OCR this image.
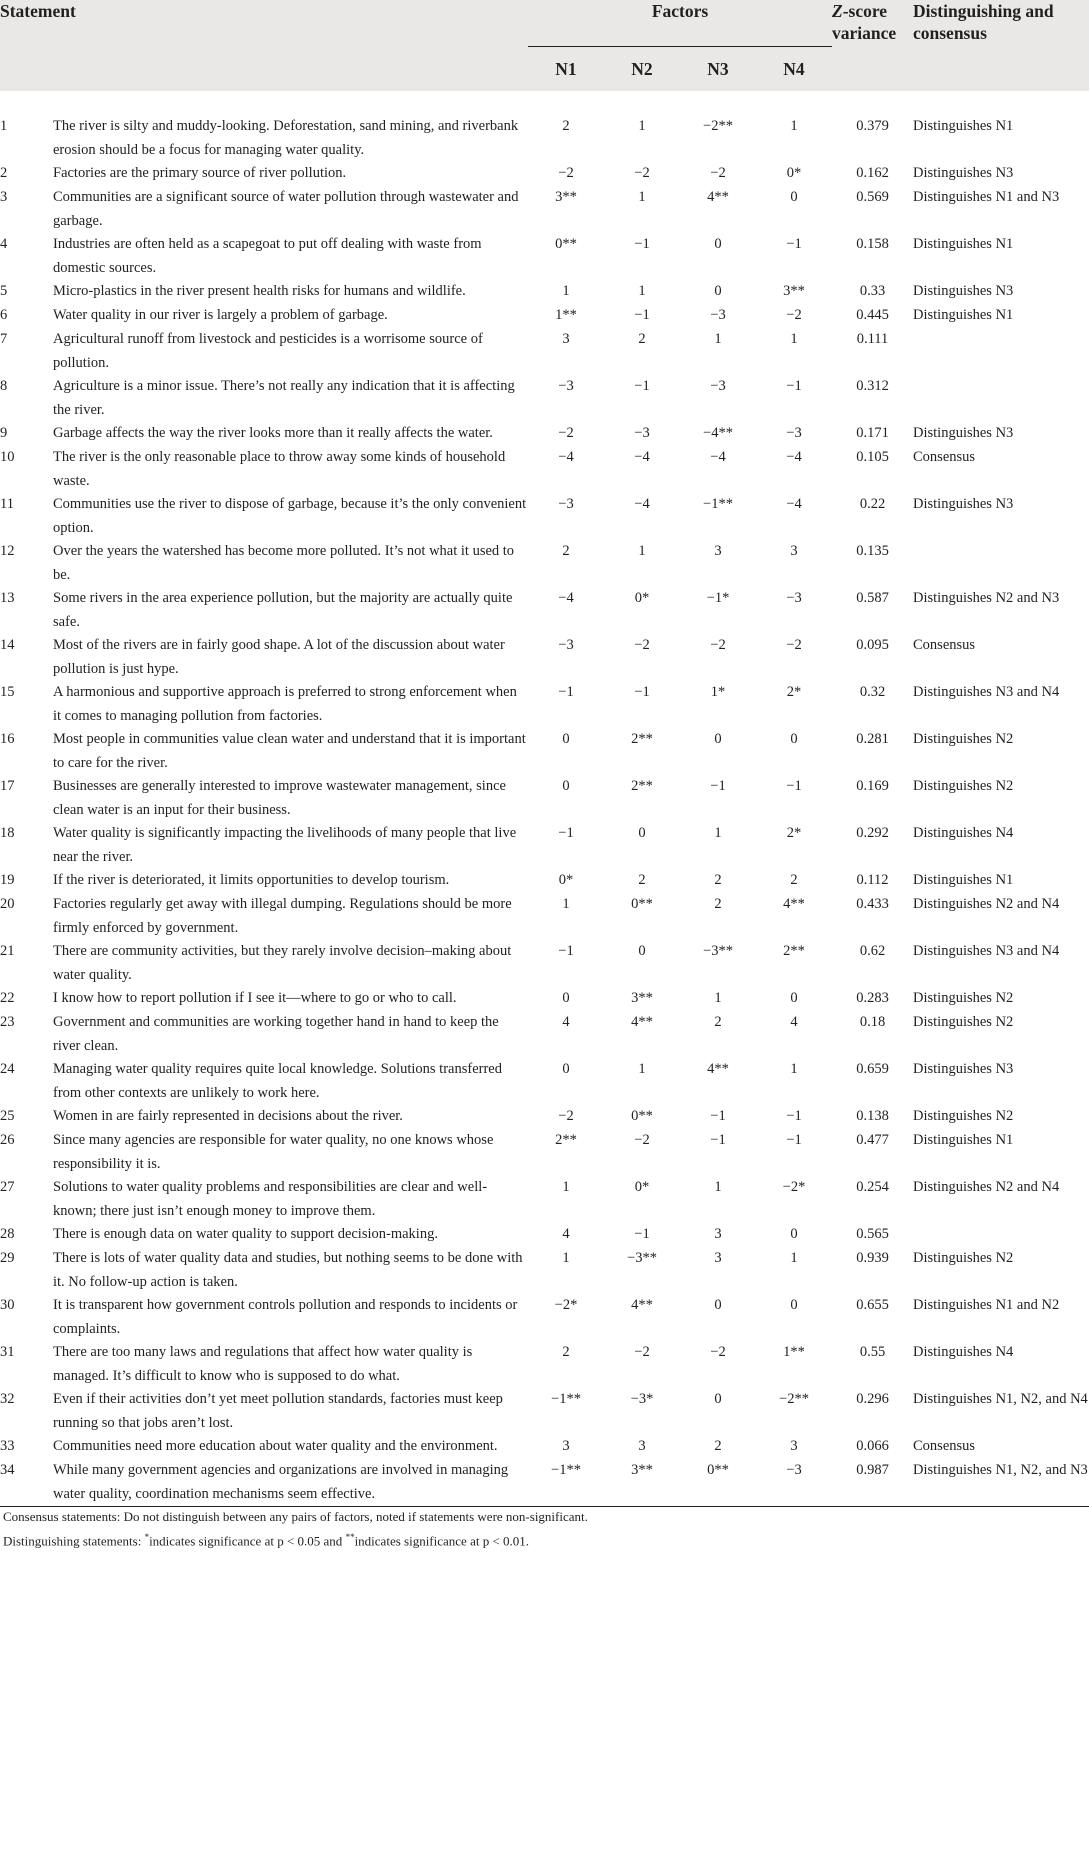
Statement		Factors				Z-score variance	Distinguishing and consensus
		N1	N2	N3	N4		

1	The river is silty and muddy-looking. Deforestation, sand mining, and riverbank erosion should be a focus for managing water quality.	2	1	−2**	1	0.379	Distinguishes N1
2	Factories are the primary source of river pollution.	−2	−2	−2	0*	0.162	Distinguishes N3
3	Communities are a significant source of water pollution through wastewater and garbage.	3**	1	4**	0	0.569	Distinguishes N1 and N3
4	Industries are often held as a scapegoat to put off dealing with waste from domestic sources.	0**	−1	0	−1	0.158	Distinguishes N1
5	Micro-plastics in the river present health risks for humans and wildlife.	1	1	0	3**	0.33	Distinguishes N3
6	Water quality in our river is largely a problem of garbage.	1**	−1	−3	−2	0.445	Distinguishes N1
7	Agricultural runoff from livestock and pesticides is a worrisome source of pollution.	3	2	1	1	0.111	
8	Agriculture is a minor issue. There’s not really any indication that it is affecting the river.	−3	−1	−3	−1	0.312	
9	Garbage affects the way the river looks more than it really affects the water.	−2	−3	−4**	−3	0.171	Distinguishes N3
10	The river is the only reasonable place to throw away some kinds of household waste.	−4	−4	−4	−4	0.105	Consensus
11	Communities use the river to dispose of garbage, because it’s the only convenient option.	−3	−4	−1**	−4	0.22	Distinguishes N3
12	Over the years the watershed has become more polluted. It’s not what it used to be.	2	1	3	3	0.135	
13	Some rivers in the area experience pollution, but the majority are actually quite safe.	−4	0*	−1*	−3	0.587	Distinguishes N2 and N3
14	Most of the rivers are in fairly good shape. A lot of the discussion about water pollution is just hype.	−3	−2	−2	−2	0.095	Consensus
15	A harmonious and supportive approach is preferred to strong enforcement when it comes to managing pollution from factories.	−1	−1	1*	2*	0.32	Distinguishes N3 and N4
16	Most people in communities value clean water and understand that it is important to care for the river.	0	2**	0	0	0.281	Distinguishes N2
17	Businesses are generally interested to improve wastewater management, since clean water is an input for their business.	0	2**	−1	−1	0.169	Distinguishes N2
18	Water quality is significantly impacting the livelihoods of many people that live near the river.	−1	0	1	2*	0.292	Distinguishes N4
19	If the river is deteriorated, it limits opportunities to develop tourism.	0*	2	2	2	0.112	Distinguishes N1
20	Factories regularly get away with illegal dumping. Regulations should be more firmly enforced by government.	1	0**	2	4**	0.433	Distinguishes N2 and N4
21	There are community activities, but they rarely involve decision–making about water quality.	−1	0	−3**	2**	0.62	Distinguishes N3 and N4
22	I know how to report pollution if I see it—where to go or who to call.	0	3**	1	0	0.283	Distinguishes N2
23	Government and communities are working together hand in hand to keep the river clean.	4	4**	2	4	0.18	Distinguishes N2
24	Managing water quality requires quite local knowledge. Solutions transferred from other contexts are unlikely to work here.	0	1	4**	1	0.659	Distinguishes N3
25	Women in are fairly represented in decisions about the river.	−2	0**	−1	−1	0.138	Distinguishes N2
26	Since many agencies are responsible for water quality, no one knows whose responsibility it is.	2**	−2	−1	−1	0.477	Distinguishes N1
27	Solutions to water quality problems and responsibilities are clear and well-known; there just isn’t enough money to improve them.	1	0*	1	−2*	0.254	Distinguishes N2 and N4
28	There is enough data on water quality to support decision-making.	4	−1	3	0	0.565	
29	There is lots of water quality data and studies, but nothing seems to be done with it. No follow-up action is taken.	1	−3**	3	1	0.939	Distinguishes N2
30	It is transparent how government controls pollution and responds to incidents or complaints.	−2*	4**	0	0	0.655	Distinguishes N1 and N2
31	There are too many laws and regulations that affect how water quality is managed. It’s difficult to know who is supposed to do what.	2	−2	−2	1**	0.55	Distinguishes N4
32	Even if their activities don’t yet meet pollution standards, factories must keep running so that jobs aren’t lost.	−1**	−3*	0	−2**	0.296	Distinguishes N1, N2, and N4
33	Communities need more education about water quality and the environment.	3	3	2	3	0.066	Consensus
34	While many government agencies and organizations are involved in managing water quality, coordination mechanisms seem effective.	−1**	3**	0**	−3	0.987	Distinguishes N1, N2, and N3

Consensus statements: Do not distinguish between any pairs of factors, noted if statements were non-significant.

Distinguishing statements: *indicates significance at p < 0.05 and **indicates significance at p < 0.01.
